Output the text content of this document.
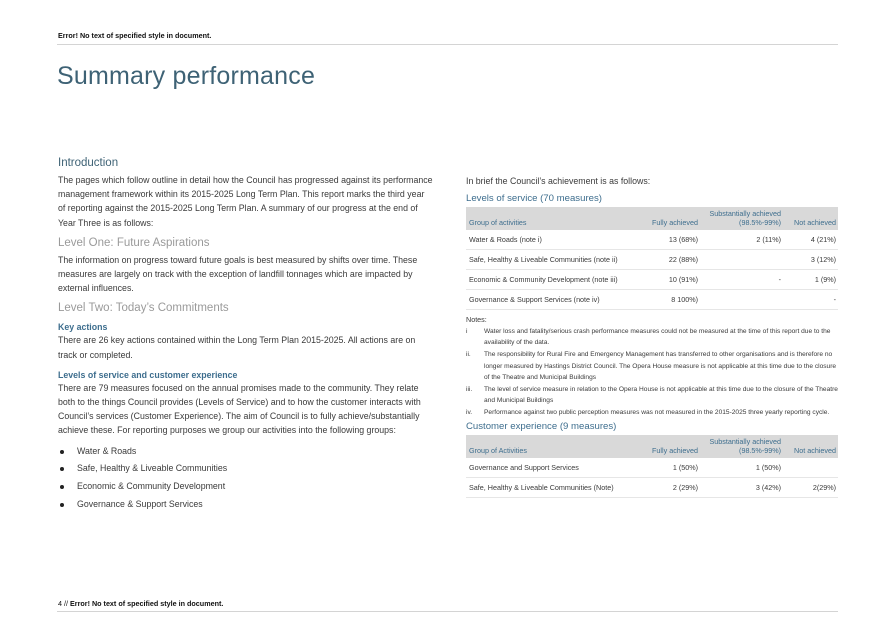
Error! No text of specified style in document.
Summary performance
Introduction

The pages which follow outline in detail how the Council has progressed against its performance management framework within its 2015-2025 Long Term Plan. This report marks the third year of reporting against the 2015-2025 Long Term Plan. A summary of our progress at the end of Year Three is as follows:

Level One: Future Aspirations

The information on progress toward future goals is best measured by shifts over time. These measures are largely on track with the exception of landfill tonnages which are impacted by external influences.

Level Two: Today’s Commitments
Key actions

There are 26 key actions contained within the Long Term Plan 2015-2025. All actions are on track or completed.

Levels of service and customer experience

There are 79 measures focused on the annual promises made to the community. They relate both to the things Council provides (Levels of Service) and to how the customer interacts with Council’s services (Customer Experience). The aim of Council is to fully achieve/substantially achieve these. For reporting purposes we group our activities into the following groups:

Water & Roads
Safe, Healthy & Liveable Communities
Economic & Community Development
Governance & Support Services

In brief the Council’s achievement is as follows:

Levels of service (70 measures)
Group of activities	Fully achieved	Substantially achieved (98.5%-99%)	Not achieved
Water & Roads (note i)	13 (68%)	2 (11%)	4 (21%)
Safe, Healthy & Liveable Communities (note ii)	22 (88%)		3 (12%)
Economic & Community Development (note iii)	10 (91%)	-	1 (9%)
Governance & Support Services (note iv)	8 100%)		-
Notes:
i	Water loss and fatality/serious crash performance measures could not be measured at the time of this report due to the availability of the data.
ii. The responsibility for Rural Fire and Emergency Management has transferred to other organisations and is therefore no longer measured by Hastings District Council. The Opera House measure is not applicable at this time due to the closure of the Theatre and Municipal Buildings
iii. The level of service measure in relation to the Opera House is not applicable at this time due to the closure of the Theatre and Municipal Buildings
iv. Performance against two public perception measures was not measured in the 2015-2025 three yearly reporting cycle.
Customer experience (9 measures)
Group of Activities	Fully achieved	Substantially achieved (98.5%-99%)	Not achieved
Governance and Support Services	1 (50%)	1 (50%)	
Safe, Healthy & Liveable Communities (Note)	2 (29%)	3 (42%)	2(29%)
4 // Error! No text of specified style in document.
